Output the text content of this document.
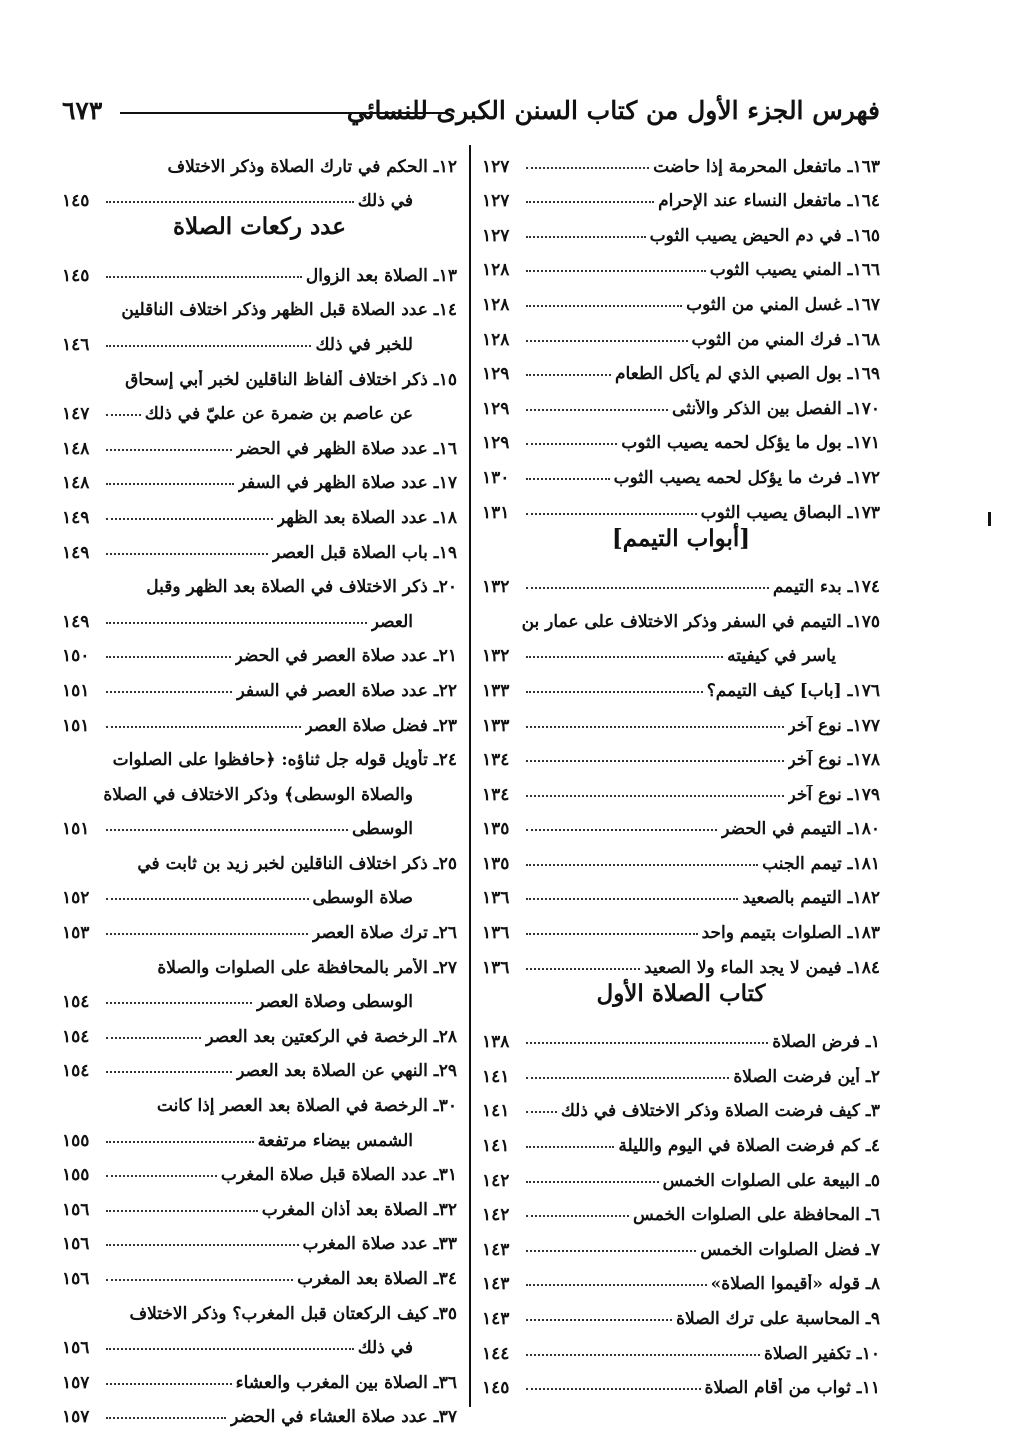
فهرس الجزء الأول من كتاب السنن الكبرى للنسائي
٦٧٣
١٦٣
ـ ماتفعل المحرمة إذا حاضت
١٢٧
١٦٤
ـ ماتفعل النساء عند الإحرام
١٢٧
١٦٥
ـ في دم الحيض يصيب الثوب
١٢٧
١٦٦
ـ المني يصيب الثوب
١٢٨
١٦٧
ـ غسل المني من الثوب
١٢٨
١٦٨
ـ فرك المني من الثوب
١٢٨
١٦٩
ـ بول الصبي الذي لم يأكل الطعام
١٢٩
١٧٠
ـ الفصل بين الذكر والأنثى
١٢٩
١٧١
ـ بول ما يؤكل لحمه يصيب الثوب
١٢٩
١٧٢
ـ فرث ما يؤكل لحمه يصيب الثوب
١٣٠
١٧٣
ـ البصاق يصيب الثوب
١٣١
[أبواب التيمم]
١٧٤
ـ بدء التيمم
١٣٢
١٧٥
ـ التيمم في السفر وذكر الاختلاف على عمار بن
ياسر في كيفيته
١٣٢
١٧٦
ـ [باب] كيف التيمم؟
١٣٣
١٧٧
ـ نوع آخر
١٣٣
١٧٨
ـ نوع آخر
١٣٤
١٧٩
ـ نوع آخر
١٣٤
١٨٠
ـ التيمم في الحضر
١٣٥
١٨١
ـ تيمم الجنب
١٣٥
١٨٢
ـ التيمم بالصعيد
١٣٦
١٨٣
ـ الصلوات بتيمم واحد
١٣٦
١٨٤
ـ فيمن لا يجد الماء ولا الصعيد
١٣٦
كتاب الصلاة الأول
١
ـ فرض الصلاة
١٣٨
٢
ـ أين فرضت الصلاة
١٤١
٣
ـ كيف فرضت الصلاة وذكر الاختلاف في ذلك
١٤١
٤
ـ كم فرضت الصلاة في اليوم والليلة
١٤١
٥
ـ البيعة على الصلوات الخمس
١٤٢
٦
ـ المحافظة على الصلوات الخمس
١٤٢
٧
ـ فضل الصلوات الخمس
١٤٣
٨
ـ قوله «أقيموا الصلاة»
١٤٣
٩
ـ المحاسبة على ترك الصلاة
١٤٣
١٠
ـ تكفير الصلاة
١٤٤
١١
ـ ثواب من أقام الصلاة
١٤٥
١٢
ـ الحكم في تارك الصلاة وذكر الاختلاف
في ذلك
١٤٥
عدد ركعات الصلاة
١٣
ـ الصلاة بعد الزوال
١٤٥
١٤
ـ عدد الصلاة قبل الظهر وذكر اختلاف الناقلين
للخبر في ذلك
١٤٦
١٥
ـ ذكر اختلاف ألفاظ الناقلين لخبر أبي إسحاق
عن عاصم بن ضمرة عن عليّ في ذلك
١٤٧
١٦
ـ عدد صلاة الظهر في الحضر
١٤٨
١٧
ـ عدد صلاة الظهر في السفر
١٤٨
١٨
ـ عدد الصلاة بعد الظهر
١٤٩
١٩
ـ باب الصلاة قبل العصر
١٤٩
٢٠
ـ ذكر الاختلاف في الصلاة بعد الظهر وقبل
العصر
١٤٩
٢١
ـ عدد صلاة العصر في الحضر
١٥٠
٢٢
ـ عدد صلاة العصر في السفر
١٥١
٢٣
ـ فضل صلاة العصر
١٥١
٢٤
ـ تأويل قوله جل ثناؤه: ﴿حافظوا على الصلوات
والصلاة الوسطى﴾ وذكر الاختلاف في الصلاة
الوسطى
١٥١
٢٥
ـ ذكر اختلاف الناقلين لخبر زيد بن ثابت في
صلاة الوسطى
١٥٢
٢٦
ـ ترك صلاة العصر
١٥٣
٢٧
ـ الأمر بالمحافظة على الصلوات والصلاة
الوسطى وصلاة العصر
١٥٤
٢٨
ـ الرخصة في الركعتين بعد العصر
١٥٤
٢٩
ـ النهي عن الصلاة بعد العصر
١٥٤
٣٠
ـ الرخصة في الصلاة بعد العصر إذا كانت
الشمس بيضاء مرتفعة
١٥٥
٣١
ـ عدد الصلاة قبل صلاة المغرب
١٥٥
٣٢
ـ الصلاة بعد أذان المغرب
١٥٦
٣٣
ـ عدد صلاة المغرب
١٥٦
٣٤
ـ الصلاة بعد المغرب
١٥٦
٣٥
ـ كيف الركعتان قبل المغرب؟ وذكر الاختلاف
في ذلك
١٥٦
٣٦
ـ الصلاة بين المغرب والعشاء
١٥٧
٣٧
ـ عدد صلاة العشاء في الحضر
١٥٧
